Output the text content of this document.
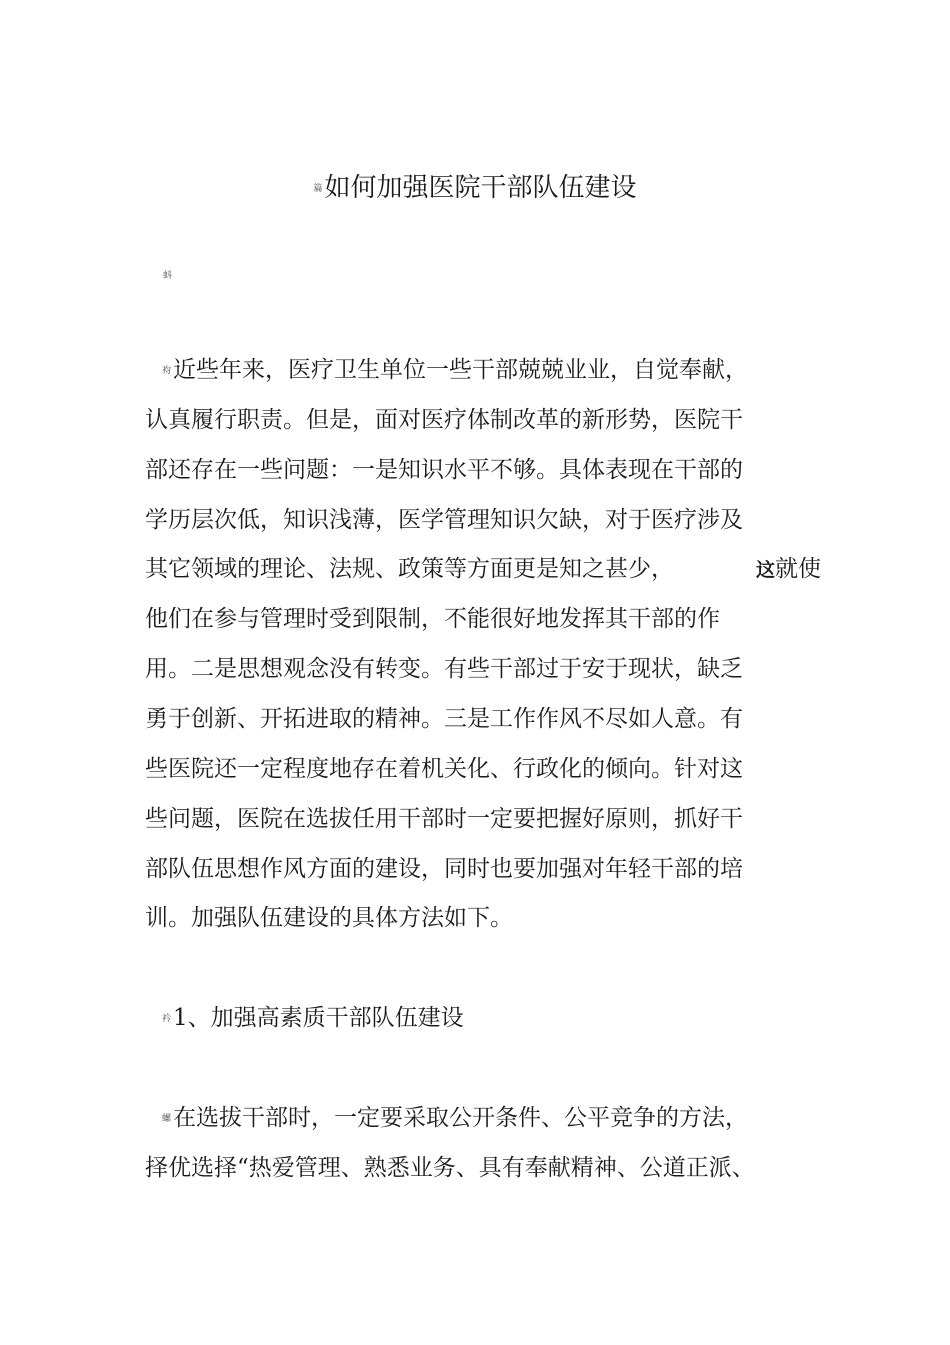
篇如何加强医院干部队伍建设
蚪
袀近些年来，医疗卫生单位一些干部兢兢业业，自觉奉献，
认真履行职责。但是，面对医疗体制改革的新形势，医院干
部还存在一些问题：一是知识水平不够。具体表现在干部的
学历层次低，知识浅薄，医学管理知识欠缺，对于医疗涉及
其它领域的理论、法规、政策等方面更是知之甚少，	这就使
他们在参与管理时受到限制，不能很好地发挥其干部的作
用。二是思想观念没有转变。有些干部过于安于现状，缺乏
勇于创新、开拓进取的精神。三是工作作风不尽如人意。有
些医院还一定程度地存在着机关化、行政化的倾向。针对这
些问题，医院在选拔任用干部时一定要把握好原则，抓好干
部队伍思想作风方面的建设，同时也要加强对年轻干部的培
训。加强队伍建设的具体方法如下。
衿1、加强高素质干部队伍建设
螺在选拔干部时，一定要采取公开条件、公平竞争的方法，
择优选择“热爱管理、熟悉业务、具有奉献精神、公道正派、
